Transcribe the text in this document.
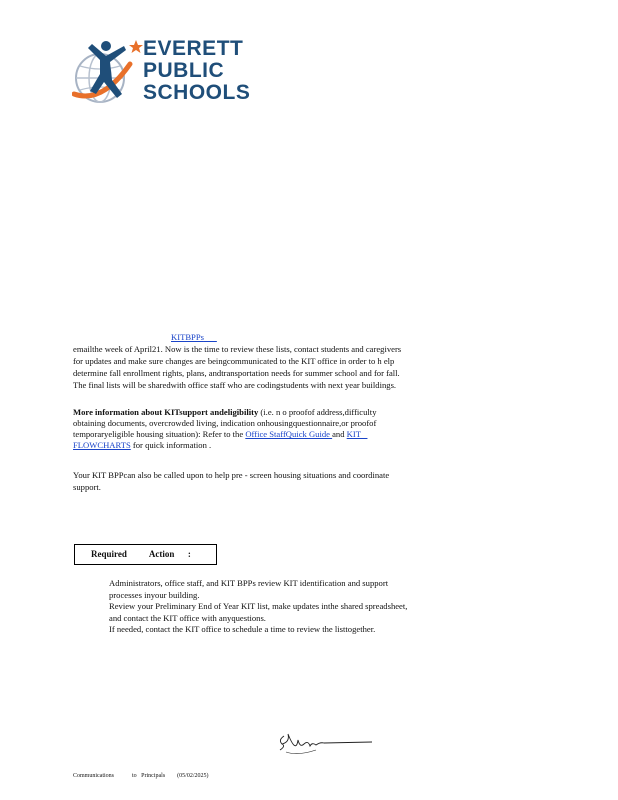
EVERETT
PUBLIC
SCHOOLS

KITBPPs

emailthe week of April21. Now is the time to review these lists, contact students and caregivers

for updates and make sure changes are beingcommunicated to the KIT office in order to h elp

determine fall enrollment rights, plans, andtransportation needs for summer school and for fall.

The final lists will be sharedwith office staff who are codingstudents with next year buildings.

More information about KITsupport andeligibility (i.e. n o proofof address,difficulty

obtaining documents, overcrowded living, indication onhousingquestionnaire,or proofof

temporaryeligible housing situation): Refer to the Office StaffQuick Guide and KIT

FLOWCHARTS for quick information .

Your KIT BPPcan also be called upon to help pre - screen housing situations and coordinate

support.

Required          Action      :

Administrators, office staff, and KIT BPPs review KIT identification and support

processes inyour building.

Review your Preliminary End of Year KIT list, make updates inthe shared spreadsheet,

and contact the KIT office with anyquestions.

If needed, contact the KIT office to schedule a time to review the listtogether.

Communications            to   Principals        (05/02/2025)
